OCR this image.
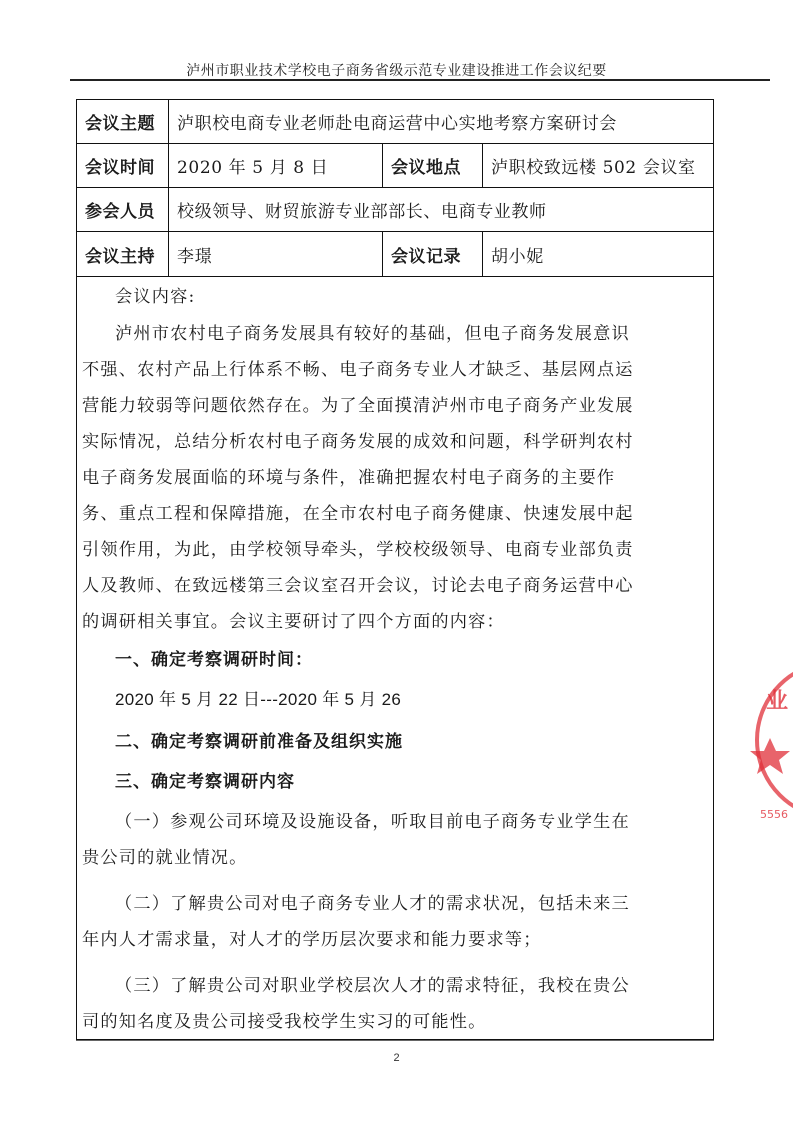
泸州市职业技术学校电子商务省级示范专业建设推进工作会议纪要
会议主题	泸职校电商专业老师赴电商运营中心实地考察方案研讨会
会议时间	2020 年 5 月 8 日	会议地点	泸职校致远楼 502 会议室
参会人员	校级领导、财贸旅游专业部部长、电商专业教师
会议主持	李璟	会议记录	胡小妮
会议内容:
泸州市农村电子商务发展具有较好的基础，但电子商务发展意识
不强、农村产品上行体系不畅、电子商务专业人才缺乏、基层网点运
营能力较弱等问题依然存在。为了全面摸清泸州市电子商务产业发展
实际情况，总结分析农村电子商务发展的成效和问题，科学研判农村
电子商务发展面临的环境与条件，准确把握农村电子商务的主要作
务、重点工程和保障措施，在全市农村电子商务健康、快速发展中起
引领作用，为此，由学校领导牵头，学校校级领导、电商专业部负责
人及教师、在致远楼第三会议室召开会议，讨论去电子商务运营中心
的调研相关事宜。会议主要研讨了四个方面的内容：
一、确定考察调研时间：
2020 年 5 月 22 日---2020 年 5 月 26
二、确定考察调研前准备及组织实施
三、确定考察调研内容
（一）参观公司环境及设施设备，听取目前电子商务专业学生在
贵公司的就业情况。
（二）了解贵公司对电子商务专业人才的需求状况，包括未来三
年内人才需求量，对人才的学历层次要求和能力要求等；
（三）了解贵公司对职业学校层次人才的需求特征，我校在贵公
司的知名度及贵公司接受我校学生实习的可能性。
2
业
5556
